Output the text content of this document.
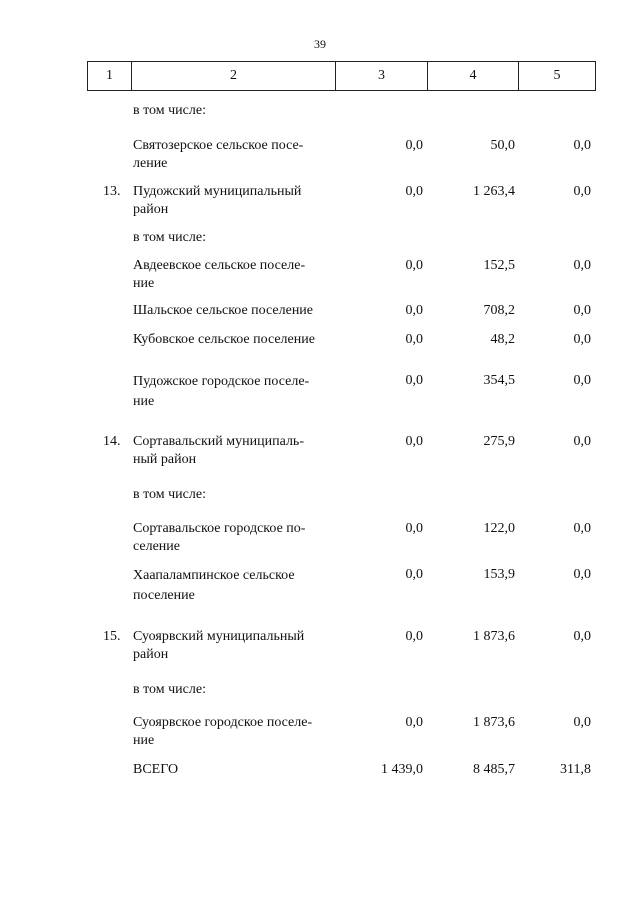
39
1	2	3	4	5
в том числе:
Святозерское сельское посе-
ление
0,0	50,0	0,0
13. Пудожский муниципальный
район
0,0	1 263,4	0,0
в том числе:
Авдеевское сельское поселе-
ние
0,0	152,5	0,0
Шальское сельское поселение	0,0	708,2	0,0
Кубовское сельское поселение	0,0	48,2	0,0
Пудожское городское поселе-
ние
0,0	354,5	0,0
14. Сортавальский муниципаль-
ный район
0,0	275,9	0,0
в том числе:
Сортавальское городское по-
селение
0,0	122,0	0,0
Хаапалампинское сельское
поселение
0,0	153,9	0,0
15. Суоярвский муниципальный
район
0,0	1 873,6	0,0
в том числе:
Суоярвское городское поселе-
ние
0,0	1 873,6	0,0
ВСЕГО	1 439,0	8 485,7	311,8
